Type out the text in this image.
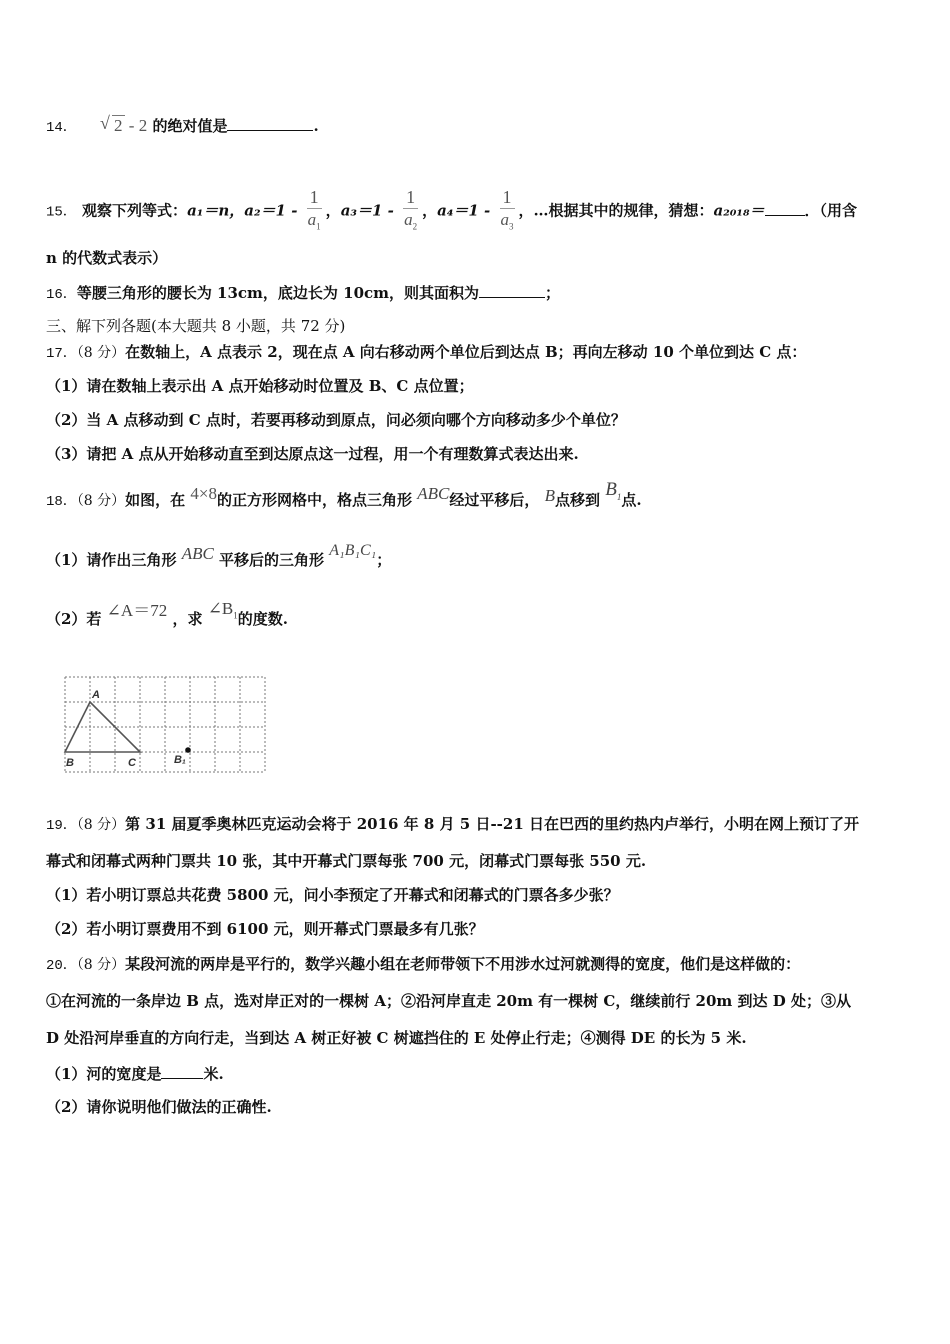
14． √ 2 - 2 的绝对值是	.
15． 观察下列等式：a₁＝n，$a_2=1 - \frac{1}{a_1}$ ，$a_3=1 - \frac{1}{a_2}$ ，$a_4=1 - \frac{1}{a_3}$ ，…根据其中的规律，猜想：a₂₀₁₈＝	．（用含
n 的代数式表示）
16．等腰三角形的腰长为 13cm，底边长为 10cm，则其面积为	；
三、解下列各题(本大题共 8 小题，共 72 分)
17．（8 分）在数轴上，A 点表示 2，现在点 A 向右移动两个单位后到达点 B；再向左移动 10 个单位到达 C 点：
（1）请在数轴上表示出 A 点开始移动时位置及 B、C 点位置；
（2）当 A 点移动到 C 点时，若要再移动到原点，问必须向哪个方向移动多少个单位？
（3）请把 A 点从开始移动直至到达原点这一过程，用一个有理数算式表达出来.
18．（8 分）如图，在 4×8的正方形网格中，格点三角形 ABC经过平移后， B点移到 $B_1$点.
（1）请作出三角形 ABC 平移后的三角形 A₁B₁C₁；
（2）若 ∠A＝72 ，求 $\angle B_1$的度数.
A
B	C	B₁
19．（8 分）第 31 届夏季奥林匹克运动会将于 2016 年 8 月 5 日--21 日在巴西的里约热内卢举行，小明在网上预订了开
幕式和闭幕式两种门票共 10 张，其中开幕式门票每张 700 元，闭幕式门票每张 550 元.
（1）若小明订票总共花费 5800 元，问小李预定了开幕式和闭幕式的门票各多少张？
（2）若小明订票费用不到 6100 元，则开幕式门票最多有几张？
20．（8 分）某段河流的两岸是平行的，数学兴趣小组在老师带领下不用涉水过河就测得的宽度，他们是这样做的：
①在河流的一条岸边 B 点，选对岸正对的一棵树 A；②沿河岸直走 20m 有一棵树 C，继续前行 20m 到达 D 处；③从
D 处沿河岸垂直的方向行走，当到达 A 树正好被 C 树遮挡住的 E 处停止行走；④测得 DE 的长为 5 米.
（1）河的宽度是	米.
（2）请你说明他们做法的正确性.
